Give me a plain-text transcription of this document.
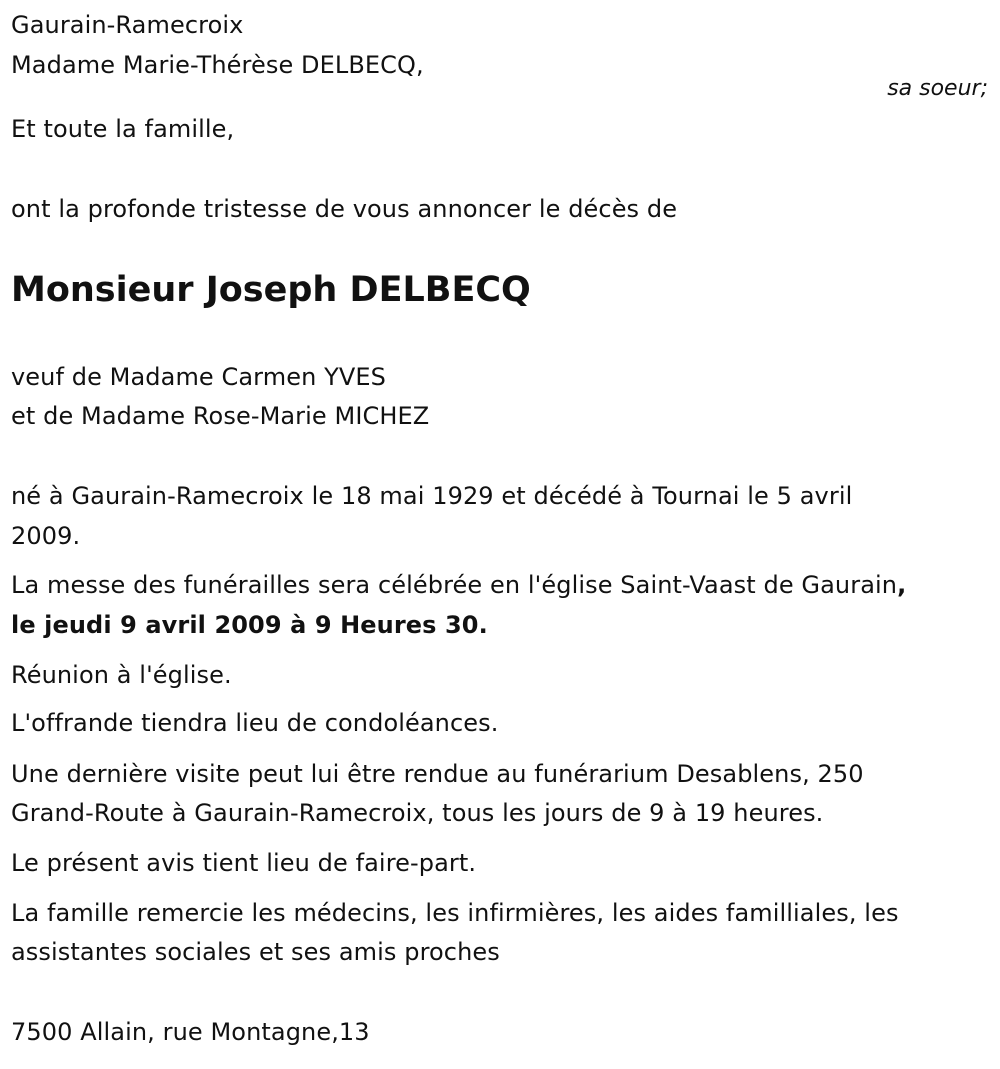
Gaurain-Ramecroix
Madame Marie-Thérèse DELBECQ,
sa soeur;
Et toute la famille,
ont la profonde tristesse de vous annoncer le décès de
Monsieur Joseph DELBECQ
veuf de Madame Carmen YVES
et de Madame Rose-Marie MICHEZ
né à Gaurain-Ramecroix le 18 mai 1929 et décédé à Tournai le 5 avril
2009.
La messe des funérailles sera célébrée en l'église Saint-Vaast de Gaurain,
le jeudi 9 avril 2009 à 9 Heures 30.
Réunion à l'église.
L'offrande tiendra lieu de condoléances.
Une dernière visite peut lui être rendue au funérarium Desablens, 250
Grand-Route à Gaurain-Ramecroix, tous les jours de 9 à 19 heures.
Le présent avis tient lieu de faire-part.
La famille remercie les médecins, les infirmières, les aides familliales, les
assistantes sociales et ses amis proches
7500 Allain, rue Montagne,13
